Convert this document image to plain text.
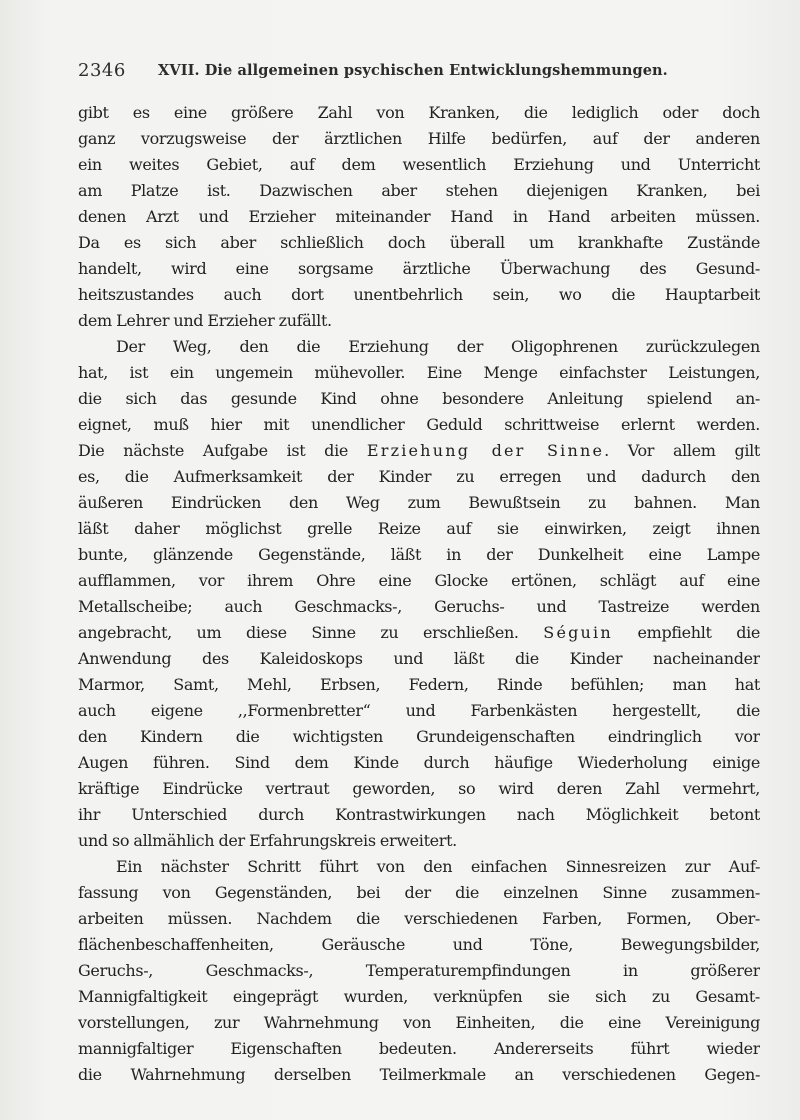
2346 XVII. Die allgemeinen psychischen Entwicklungshemmungen.
gibt es eine größere Zahl von Kranken, die lediglich oder doch
ganz vorzugsweise der ärztlichen Hilfe bedürfen, auf der anderen
ein weites Gebiet, auf dem wesentlich Erziehung und Unterricht
am Platze ist. Dazwischen aber stehen diejenigen Kranken, bei
denen Arzt und Erzieher miteinander Hand in Hand arbeiten müssen.
Da es sich aber schließlich doch überall um krankhafte Zustände
handelt, wird eine sorgsame ärztliche Überwachung des Gesund-
heitszustandes auch dort unentbehrlich sein, wo die Hauptarbeit
dem Lehrer und Erzieher zufällt.
Der Weg, den die Erziehung der Oligophrenen zurückzulegen
hat, ist ein ungemein mühevoller. Eine Menge einfachster Leistungen,
die sich das gesunde Kind ohne besondere Anleitung spielend an-
eignet, muß hier mit unendlicher Geduld schrittweise erlernt werden.
Die nächste Aufgabe ist die Erziehung der Sinne. Vor allem gilt
es, die Aufmerksamkeit der Kinder zu erregen und dadurch den
äußeren Eindrücken den Weg zum Bewußtsein zu bahnen. Man
läßt daher möglichst grelle Reize auf sie einwirken, zeigt ihnen
bunte, glänzende Gegenstände, läßt in der Dunkelheit eine Lampe
aufflammen, vor ihrem Ohre eine Glocke ertönen, schlägt auf eine
Metallscheibe; auch Geschmacks-, Geruchs- und Tastreize werden
angebracht, um diese Sinne zu erschließen. Séguin empfiehlt die
Anwendung des Kaleidoskops und läßt die Kinder nacheinander
Marmor, Samt, Mehl, Erbsen, Federn, Rinde befühlen; man hat
auch eigene ,,Formenbretter“ und Farbenkästen hergestellt, die
den Kindern die wichtigsten Grundeigenschaften eindringlich vor
Augen führen. Sind dem Kinde durch häufige Wiederholung einige
kräftige Eindrücke vertraut geworden, so wird deren Zahl vermehrt,
ihr Unterschied durch Kontrastwirkungen nach Möglichkeit betont
und so allmählich der Erfahrungskreis erweitert.
Ein nächster Schritt führt von den einfachen Sinnesreizen zur Auf-
fassung von Gegenständen, bei der die einzelnen Sinne zusammen-
arbeiten müssen. Nachdem die verschiedenen Farben, Formen, Ober-
flächenbeschaffenheiten, Geräusche und Töne, Bewegungsbilder,
Geruchs-, Geschmacks-, Temperaturempfindungen in größerer
Mannigfaltigkeit eingeprägt wurden, verknüpfen sie sich zu Gesamt-
vorstellungen, zur Wahrnehmung von Einheiten, die eine Vereinigung
mannigfaltiger Eigenschaften bedeuten. Andererseits führt wieder
die Wahrnehmung derselben Teilmerkmale an verschiedenen Gegen-
